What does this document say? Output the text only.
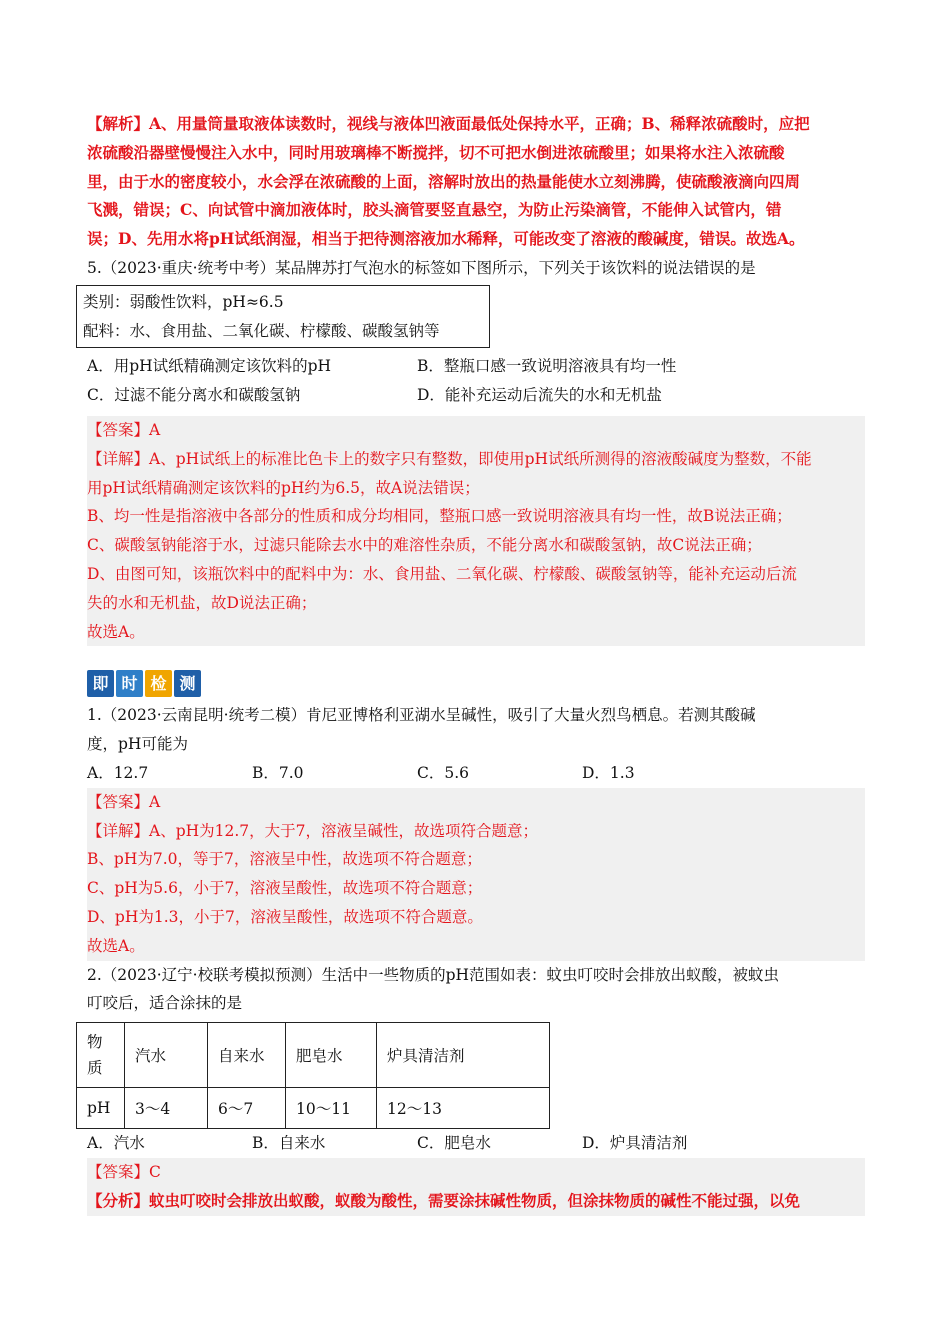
【解析】A、用量筒量取液体读数时，视线与液体凹液面最低处保持水平，正确；B、稀释浓硫酸时，应把
浓硫酸沿器壁慢慢注入水中，同时用玻璃棒不断搅拌，切不可把水倒进浓硫酸里；如果将水注入浓硫酸
里，由于水的密度较小，水会浮在浓硫酸的上面，溶解时放出的热量能使水立刻沸腾，使硫酸液滴向四周
飞溅，错误；C、向试管中滴加液体时，胶头滴管要竖直悬空，为防止污染滴管，不能伸入试管内，错
误；D、先用水将pH试纸润湿，相当于把待测溶液加水稀释，可能改变了溶液的酸碱度，错误。故选A。
5.（2023·重庆·统考中考）某品牌苏打气泡水的标签如下图所示，下列关于该饮料的说法错误的是
类别：弱酸性饮料，pH≈6.5
配料：水、食用盐、二氧化碳、柠檬酸、碳酸氢钠等
A．用pH试纸精确测定该饮料的pH	B．整瓶口感一致说明溶液具有均一性
C．过滤不能分离水和碳酸氢钠	D．能补充运动后流失的水和无机盐
【答案】A
【详解】A、pH试纸上的标准比色卡上的数字只有整数，即使用pH试纸所测得的溶液酸碱度为整数，不能
用pH试纸精确测定该饮料的pH约为6.5，故A说法错误；
B、均一性是指溶液中各部分的性质和成分均相同，整瓶口感一致说明溶液具有均一性，故B说法正确；
C、碳酸氢钠能溶于水，过滤只能除去水中的难溶性杂质，不能分离水和碳酸氢钠，故C说法正确；
D、由图可知，该瓶饮料中的配料中为：水、食用盐、二氧化碳、柠檬酸、碳酸氢钠等，能补充运动后流
失的水和无机盐，故D说法正确；
故选A。
即 时 检 测
1.（2023·云南昆明·统考二模）肯尼亚博格利亚湖水呈碱性，吸引了大量火烈鸟栖息。若测其酸碱
度，pH可能为
A．12.7	B．7.0	C．5.6	D．1.3
【答案】A
【详解】A、pH为12.7，大于7，溶液呈碱性，故选项符合题意；
B、pH为7.0，等于7，溶液呈中性，故选项不符合题意；
C、pH为5.6，小于7，溶液呈酸性，故选项不符合题意；
D、pH为1.3，小于7，溶液呈酸性，故选项不符合题意。
故选A。
2.（2023·辽宁·校联考模拟预测）生活中一些物质的pH范围如表：蚊虫叮咬时会排放出蚁酸，被蚊虫
叮咬后，适合涂抹的是
物
质	汽水	自来水	肥皂水	炉具清洁剂
pH	3～4	6～7	10～11	12～13
A．汽水	B．自来水	C．肥皂水	D．炉具清洁剂
【答案】C
【分析】蚊虫叮咬时会排放出蚁酸，蚁酸为酸性，需要涂抹碱性物质，但涂抹物质的碱性不能过强，以免
